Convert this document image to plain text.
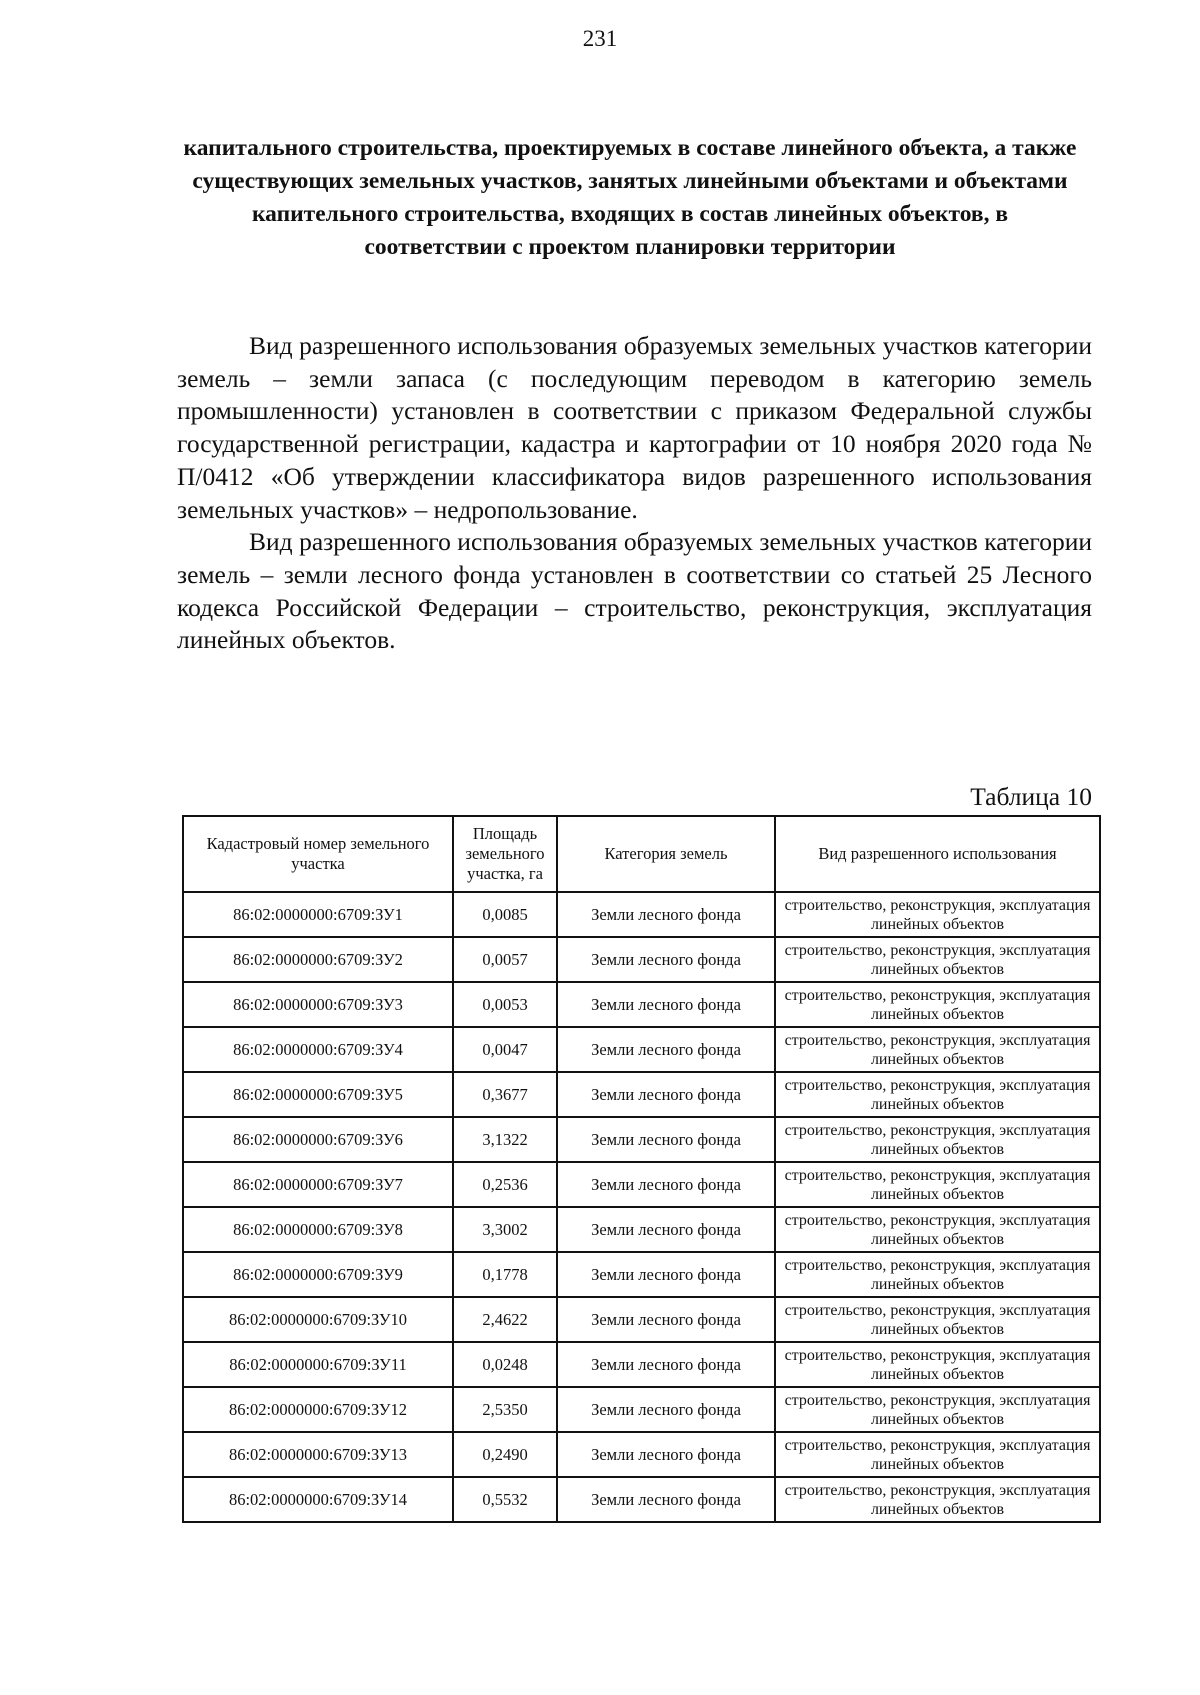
231
капитального строительства, проектируемых в составе линейного объекта, а также существующих земельных участков, занятых линейными объектами и объектами капительного строительства, входящих в состав линейных объектов, в соответствии с проектом планировки территории

Вид разрешенного использования образуемых земельных участков категории земель – земли запаса (с последующим переводом в категорию земель промышленности) установлен в соответствии с приказом Федеральной службы государственной регистрации, кадастра и картографии от 10 ноября 2020 года № П/0412 «Об утверждении классификатора видов разрешенного использования земельных участков» – недропользование.

Вид разрешенного использования образуемых земельных участков категории земель – земли лесного фонда установлен в соответствии со статьей 25 Лесного кодекса Российской Федерации – строительство, реконструкция, эксплуатация линейных объектов.

Таблица 10
Кадастровый номер земельного участка	Площадь земельного участка, га	Категория земель	Вид разрешенного использования
86:02:0000000:6709:ЗУ1	0,0085	Земли лесного фонда	строительство, реконструкция, эксплуатация линейных объектов
86:02:0000000:6709:ЗУ2	0,0057	Земли лесного фонда	строительство, реконструкция, эксплуатация линейных объектов
86:02:0000000:6709:ЗУ3	0,0053	Земли лесного фонда	строительство, реконструкция, эксплуатация линейных объектов
86:02:0000000:6709:ЗУ4	0,0047	Земли лесного фонда	строительство, реконструкция, эксплуатация линейных объектов
86:02:0000000:6709:ЗУ5	0,3677	Земли лесного фонда	строительство, реконструкция, эксплуатация линейных объектов
86:02:0000000:6709:ЗУ6	3,1322	Земли лесного фонда	строительство, реконструкция, эксплуатация линейных объектов
86:02:0000000:6709:ЗУ7	0,2536	Земли лесного фонда	строительство, реконструкция, эксплуатация линейных объектов
86:02:0000000:6709:ЗУ8	3,3002	Земли лесного фонда	строительство, реконструкция, эксплуатация линейных объектов
86:02:0000000:6709:ЗУ9	0,1778	Земли лесного фонда	строительство, реконструкция, эксплуатация линейных объектов
86:02:0000000:6709:ЗУ10	2,4622	Земли лесного фонда	строительство, реконструкция, эксплуатация линейных объектов
86:02:0000000:6709:ЗУ11	0,0248	Земли лесного фонда	строительство, реконструкция, эксплуатация линейных объектов
86:02:0000000:6709:ЗУ12	2,5350	Земли лесного фонда	строительство, реконструкция, эксплуатация линейных объектов
86:02:0000000:6709:ЗУ13	0,2490	Земли лесного фонда	строительство, реконструкция, эксплуатация линейных объектов
86:02:0000000:6709:ЗУ14	0,5532	Земли лесного фонда	строительство, реконструкция, эксплуатация линейных объектов
